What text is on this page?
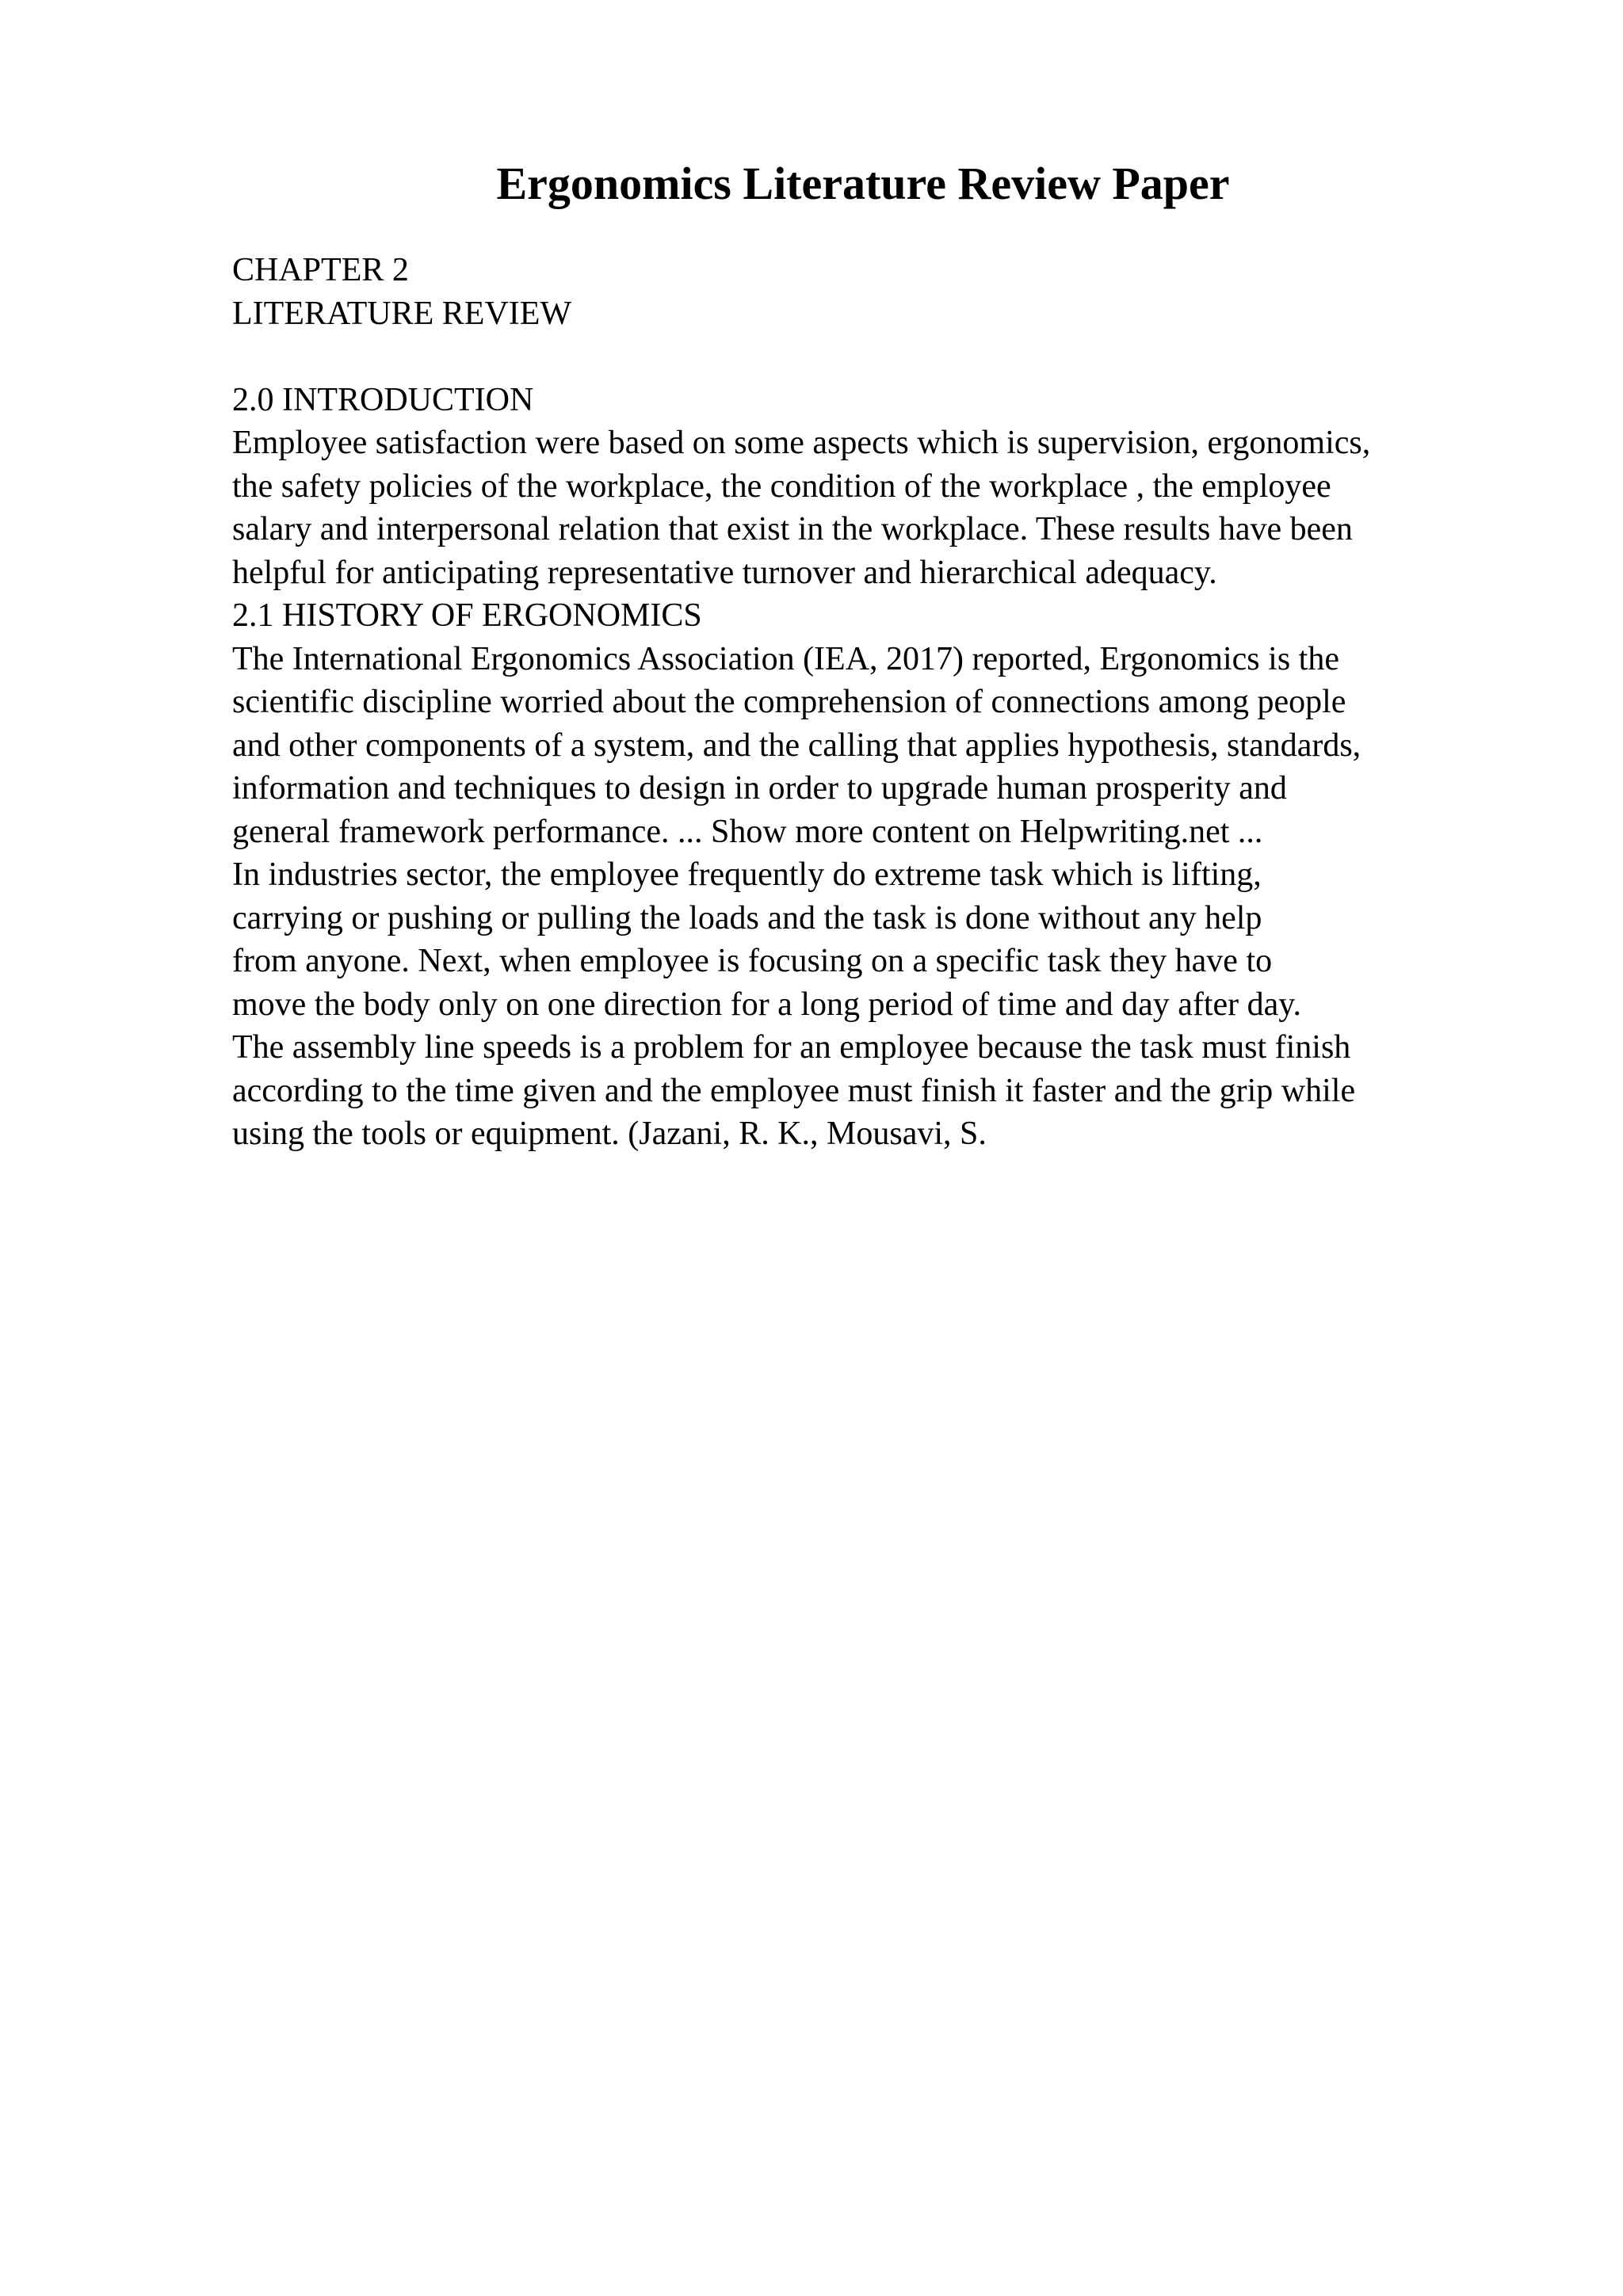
Ergonomics Literature Review Paper

CHAPTER 2

LITERATURE REVIEW

2.0 INTRODUCTION

Employee satisfaction were based on some aspects which is supervision, ergonomics,

the safety policies of the workplace, the condition of the workplace , the employee

salary and interpersonal relation that exist in the workplace. These results have been

helpful for anticipating representative turnover and hierarchical adequacy.

2.1 HISTORY OF ERGONOMICS

The International Ergonomics Association (IEA, 2017) reported, Ergonomics is the

scientific discipline worried about the comprehension of connections among people

and other components of a system, and the calling that applies hypothesis, standards,

information and techniques to design in order to upgrade human prosperity and

general framework performance. ... Show more content on Helpwriting.net ...

In industries sector, the employee frequently do extreme task which is lifting,

carrying or pushing or pulling the loads and the task is done without any help

from anyone. Next, when employee is focusing on a specific task they have to

move the body only on one direction for a long period of time and day after day.

The assembly line speeds is a problem for an employee because the task must finish

according to the time given and the employee must finish it faster and the grip while

using the tools or equipment. (Jazani, R. K., Mousavi, S.
